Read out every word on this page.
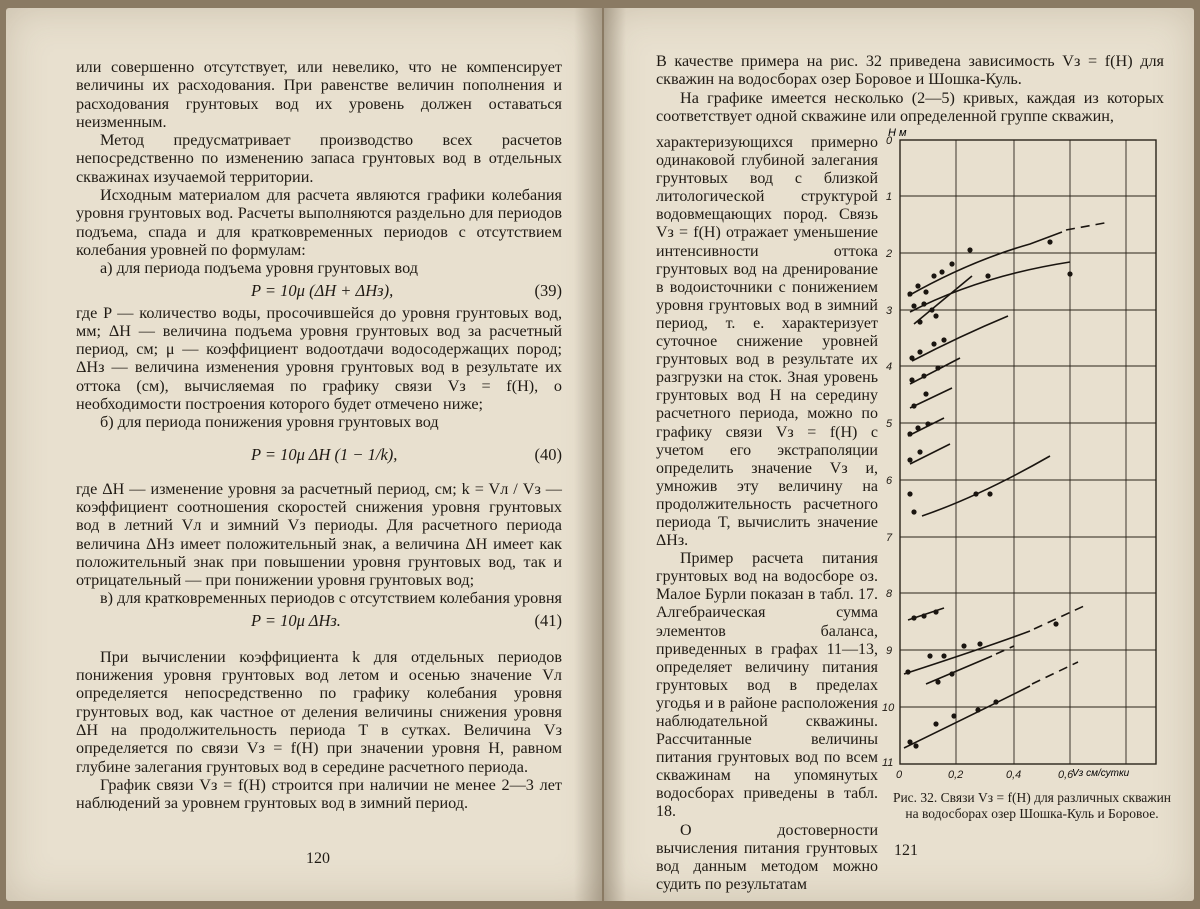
или совершенно отсутствует, или невелико, что не компенсирует величины их расходования. При равенстве величин пополнения и расходования грунтовых вод их уровень должен оставаться неизменным.

Метод предусматривает производство всех расчетов непосредственно по изменению запаса грунтовых вод в отдельных скважинах изучаемой территории.

Исходным материалом для расчета являются графики колебания уровня грунтовых вод. Расчеты выполняются раздельно для периодов подъема, спада и для кратковременных периодов с отсутствием колебания уровней по формулам:

а) для периода подъема уровня грунтовых вод

P = 10μ (ΔH + ΔHз),	(39)

где P — количество воды, просочившейся до уровня грунтовых вод, мм; ΔH — величина подъема уровня грунтовых вод за расчетный период, см; μ — коэффициент водоотдачи водосодержащих пород; ΔHз — величина изменения уровня грунтовых вод в результате их оттока (см), вычисляемая по графику связи Vз = f(H), о необходимости построения которого будет отмечено ниже;

б) для периода понижения уровня грунтовых вод

P = 10μ ΔH (1 − 1/k),	(40)

где ΔH — изменение уровня за расчетный период, см; k = Vл / Vз — коэффициент соотношения скоростей снижения уровня грунтовых вод в летний Vл и зимний Vз периоды. Для расчетного периода величина ΔHз имеет положительный знак, а величина ΔH имеет как положительный знак при повышении уровня грунтовых вод, так и отрицательный — при понижении уровня грунтовых вод;

в) для кратковременных периодов с отсутствием колебания уровня

P = 10μ ΔHз.	(41)

При вычислении коэффициента k для отдельных периодов понижения уровня грунтовых вод летом и осенью значение Vл определяется непосредственно по графику колебания уровня грунтовых вод, как частное от деления величины снижения уровня ΔH на продолжительность периода T в сутках. Величина Vз определяется по связи Vз = f(H) при значении уровня H, равном глубине залегания грунтовых вод в середине расчетного периода.

График связи Vз = f(H) строится при наличии не менее 2—3 лет наблюдений за уровнем грунтовых вод в зимний период.

120

В качестве примера на рис. 32 приведена зависимость Vз = f(H) для скважин на водосборах озер Боровое и Шошка-Куль.

На графике имеется несколько (2—5) кривых, каждая из которых соответствует одной скважине или определенной группе скважин,

характеризующихся примерно одинаковой глубиной залегания грунтовых вод с близкой литологической структурой водовмещающих пород. Связь Vз = f(H) отражает уменьшение интенсивности оттока грунтовых вод на дренирование в водоисточники с понижением уровня грунтовых вод в зимний период, т. е. характеризует суточное снижение уровней грунтовых вод в результате их разгрузки на сток. Зная уровень грунтовых вод H на середину расчетного периода, можно по графику связи Vз = f(H) с учетом его экстраполяции определить значение Vз и, умножив эту величину на продолжительность расчетного периода T, вычислить значение ΔHз.

Пример расчета питания грунтовых вод на водосборе оз. Малое Бурли показан в табл. 17. Алгебраическая сумма элементов баланса, приведенных в графах 11—13, определяет величину питания грунтовых вод в пределах угодья и в районе расположения наблюдательной скважины. Рассчитанные величины питания грунтовых вод по всем скважинам на упомянутых водосборах приведены в табл. 18.

О достоверности вычисления питания грунтовых вод данным методом можно судить по результатам

H м
Vз см/сутки
0
1
2
3
4
5
6
7
8
9
10
11
0	0,2	0,4	0,6
Рис. 32. Связи Vз = f(H) для различных скважин на водосборах озер Шошка-Куль и Боровое.
121
